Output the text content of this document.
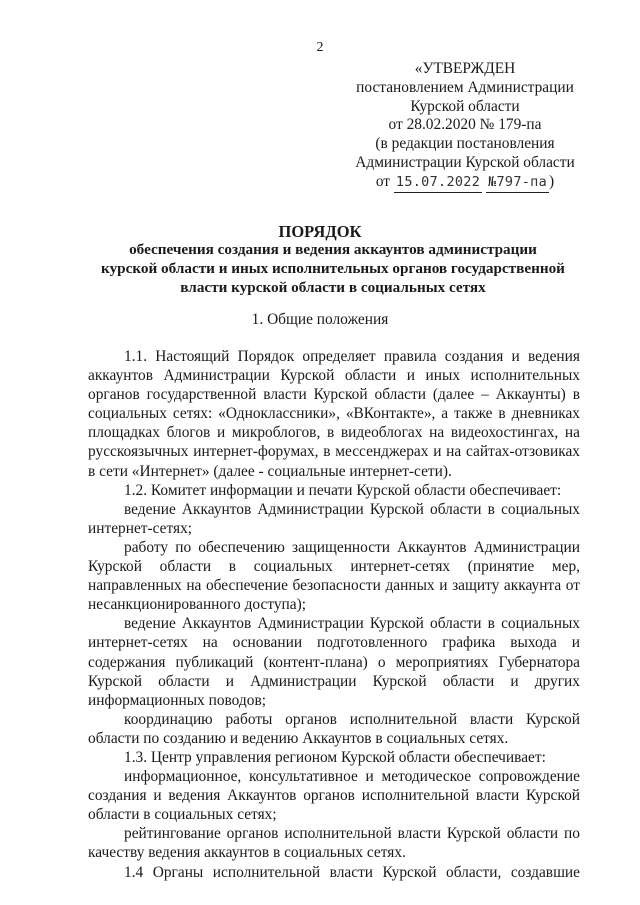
2
«УТВЕРЖДЕН
постановлением Администрации
Курской области
от 28.02.2020 № 179-па
(в редакции постановления
Администрации Курской области
от 15.07.2022 №797-па )
ПОРЯДОК
обеспечения создания и ведения аккаунтов администрации
курской области и иных исполнительных органов государственной
власти курской области в социальных сетях
1. Общие положения
1.1. Настоящий Порядок определяет правила создания и ведения
аккаунтов Администрации Курской области и иных исполнительных
органов государственной власти Курской области (далее – Аккаунты) в
социальных сетях: «Одноклассники», «ВКонтакте», а также в дневниках
площадках блогов и микроблогов, в видеоблогах на видеохостингах, на
русскоязычных интернет-форумах, в мессенджерах и на сайтах-отзовиках
в сети «Интернет» (далее - социальные интернет-сети).
1.2. Комитет информации и печати Курской области обеспечивает:
ведение Аккаунтов Администрации Курской области в социальных
интернет-сетях;
работу по обеспечению защищенности Аккаунтов Администрации
Курской области в социальных интернет-сетях (принятие мер,
направленных на обеспечение безопасности данных и защиту аккаунта от
несанкционированного доступа);
ведение Аккаунтов Администрации Курской области в социальных
интернет-сетях на основании подготовленного графика выхода и
содержания публикаций (контент-плана) о мероприятиях Губернатора
Курской области и Администрации Курской области и других
информационных поводов;
координацию работы органов исполнительной власти Курской
области по созданию и ведению Аккаунтов в социальных сетях.
1.3. Центр управления регионом Курской области обеспечивает:
информационное, консультативное и методическое сопровождение
создания и ведения Аккаунтов органов исполнительной власти Курской
области в социальных сетях;
рейтингование органов исполнительной власти Курской области по
качеству ведения аккаунтов в социальных сетях.
1.4 Органы исполнительной власти Курской области, создавшие
